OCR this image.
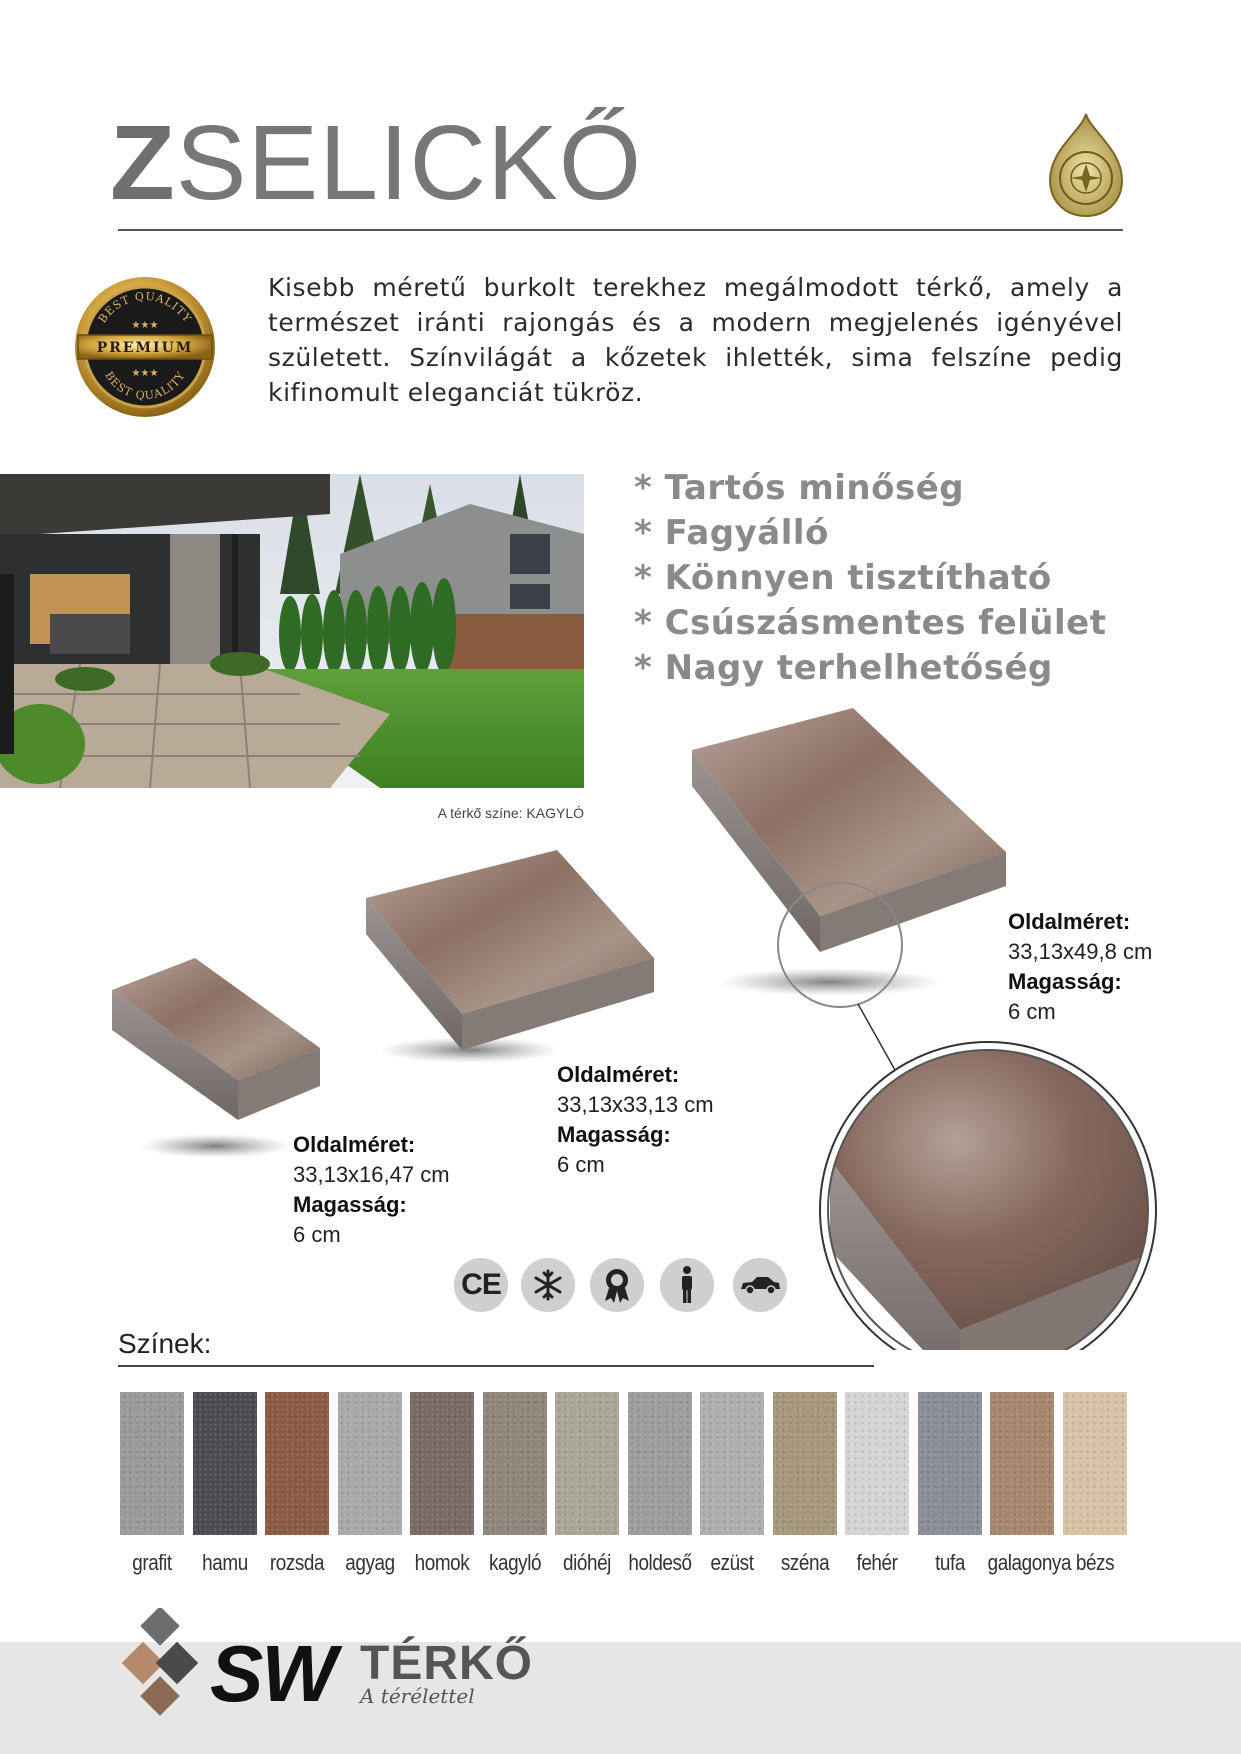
ZSELICKŐ
BEST QUALITY
BEST QUALITY
★★★
★★★
PREMIUM
Kisebb méretű burkolt terekhez megálmodott térkő, amely a természet iránti rajongás és a modern megjelenés igényével született. Színvilágát a kőzetek ihlették, sima felszíne pedig kifinomult eleganciát tükröz.
A térkő színe: KAGYLÓ
* Tartós minőség
* Fagyálló
* Könnyen tisztítható
* Csúszásmentes felület
* Nagy terhelhetőség
Oldalméret:
33,13x16,47 cm
Magasság:
6 cm
Oldalméret:
33,13x33,13 cm
Magasság:
6 cm
Oldalméret:
33,13x49,8 cm
Magasság:
6 cm
CE
Színek:
grafit	hamu	rozsda agyag homok kagyló dióhéj holdeső ezüst	széna	fehér	tufa	galagonya bézs
SW TÉRKŐ
A térélettel
